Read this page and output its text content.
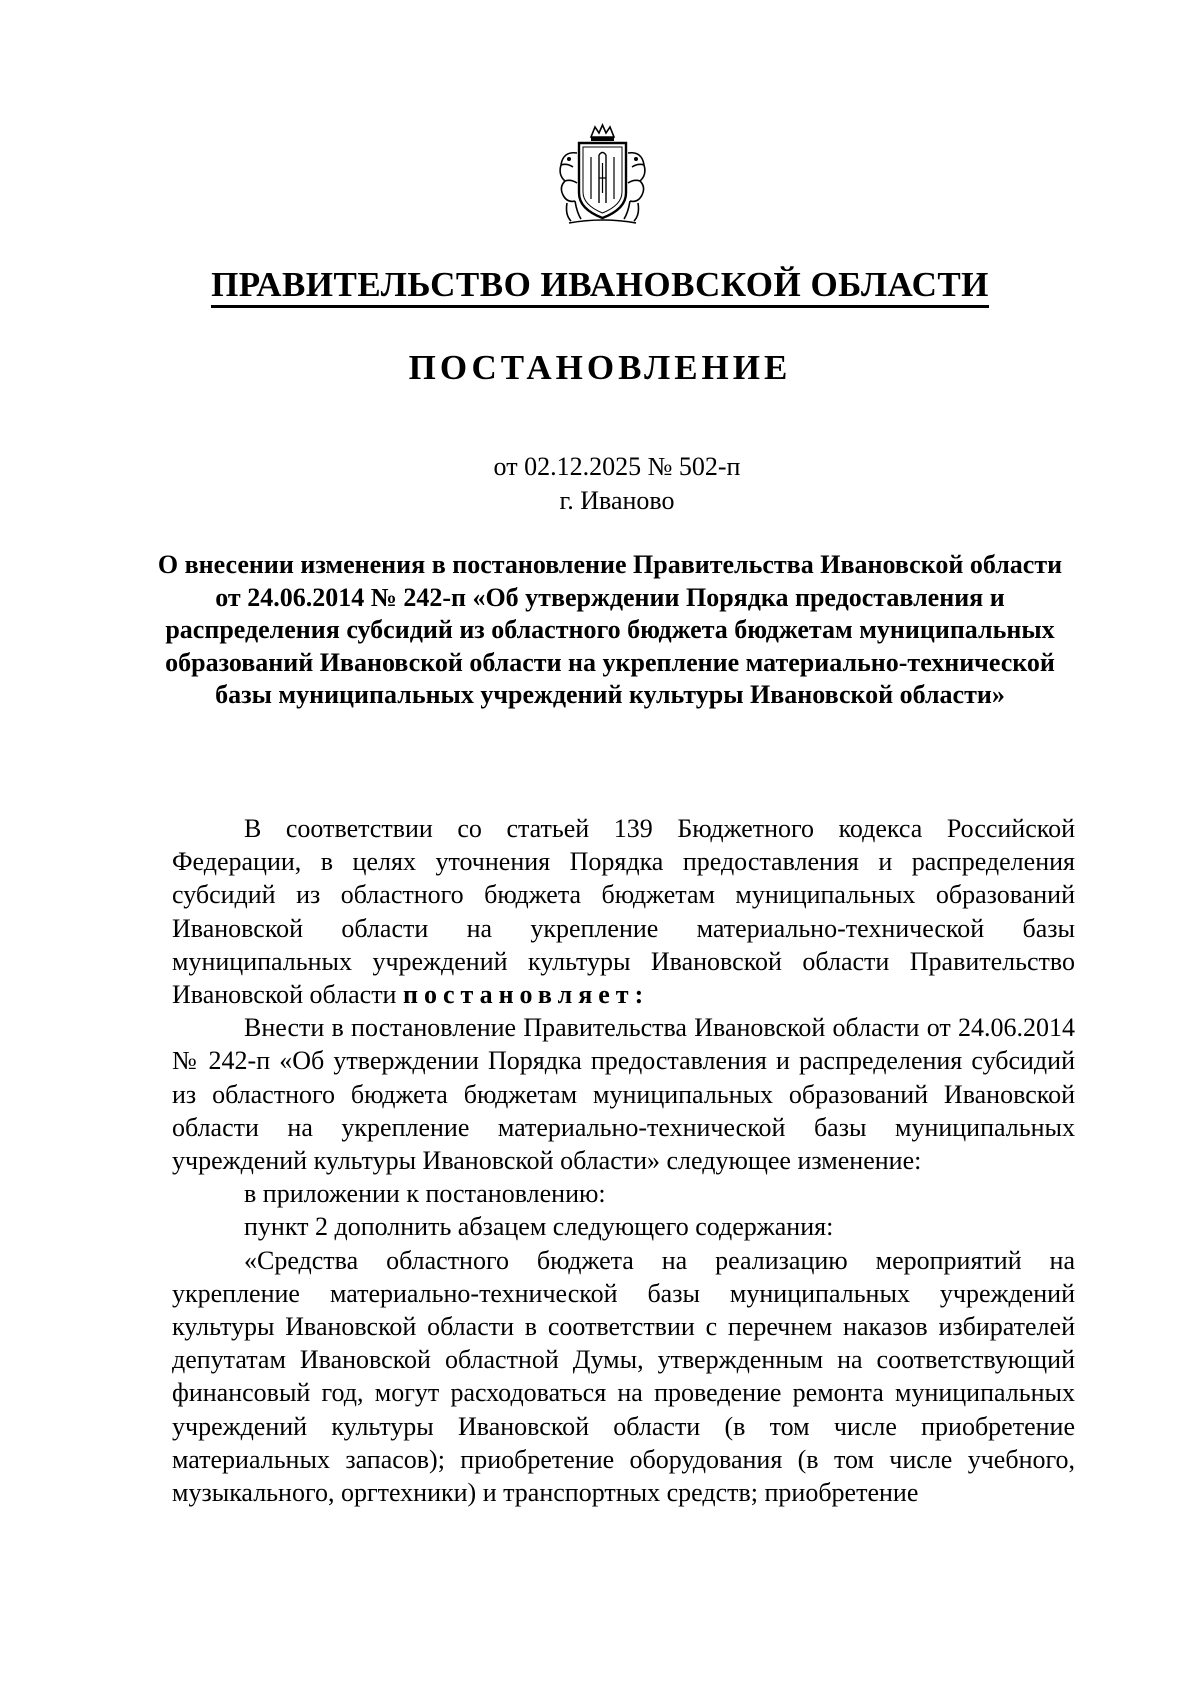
ПРАВИТЕЛЬСТВО ИВАНОВСКОЙ ОБЛАСТИ
ПОСТАНОВЛЕНИЕ
от 02.12.2025 № 502-п
г. Иваново
О внесении изменения в постановление Правительства Ивановской области от 24.06.2014 № 242-п «Об утверждении Порядка предоставления и распределения субсидий из областного бюджета бюджетам муниципальных образований Ивановской области на укрепление материально-технической базы муниципальных учреждений культуры Ивановской области»

В соответствии со статьей 139 Бюджетного кодекса Российской Федерации, в целях уточнения Порядка предоставления и распределения субсидий из областного бюджета бюджетам муниципальных образований Ивановской области на укрепление материально-технической базы муниципальных учреждений культуры Ивановской области Правительство Ивановской области постановляет:

Внести в постановление Правительства Ивановской области от 24.06.2014 № 242-п «Об утверждении Порядка предоставления и распределения субсидий из областного бюджета бюджетам муниципальных образований Ивановской области на укрепление материально-технической базы муниципальных учреждений культуры Ивановской области» следующее изменение:

в приложении к постановлению:

пункт 2 дополнить абзацем следующего содержания:

«Средства областного бюджета на реализацию мероприятий на укрепление материально-технической базы муниципальных учреждений культуры Ивановской области в соответствии с перечнем наказов избирателей депутатам Ивановской областной Думы, утвержденным на соответствующий финансовый год, могут расходоваться на проведение ремонта муниципальных учреждений культуры Ивановской области (в том числе приобретение материальных запасов); приобретение оборудования (в том числе учебного, музыкального, оргтехники) и транспортных средств; приобретение
